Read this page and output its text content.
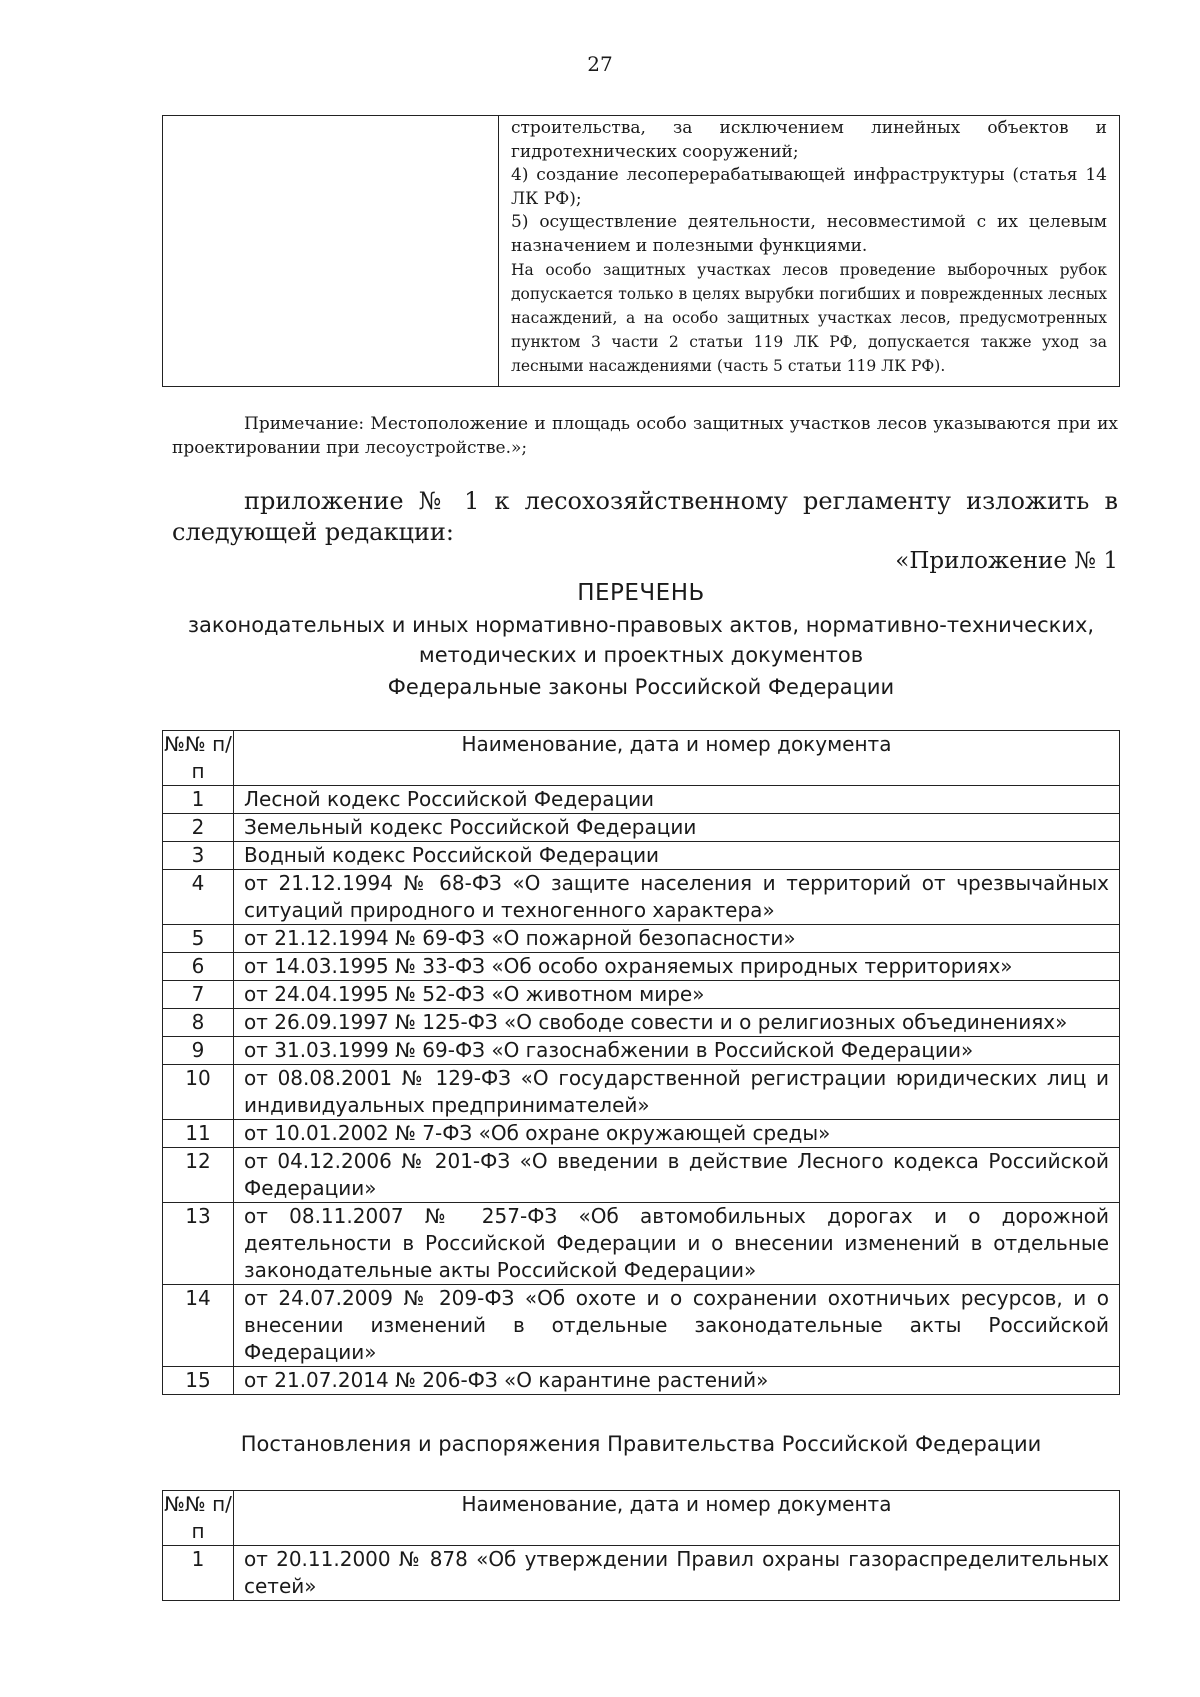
27

строительства, за исключением линейных объектов и гидротехнических сооружений;

4) создание лесоперерабатывающей инфраструктуры (статья 14 ЛК РФ);

5) осуществление деятельности, несовместимой с их целевым назначением и полезными функциями.

На особо защитных участках лесов проведение выборочных рубок допускается только в целях вырубки погибших и поврежденных лесных насаждений, а на особо защитных участках лесов, предусмотренных пунктом 3 части 2 статьи 119 ЛК РФ, допускается также уход за лесными насаждениями (часть 5 статьи 119 ЛК РФ).

Примечание: Местоположение и площадь особо защитных участков лесов указываются при их проектировании при лесоустройстве.»;
приложение № 1 к лесохозяйственному регламенту изложить в следующей редакции:
«Приложение № 1
ПЕРЕЧЕНЬ
законодательных и иных нормативно-правовых актов, нормативно-технических,
методических и проектных документов
Федеральные законы Российской Федерации
№№ п/п	Наименование, дата и номер документа
1	Лесной кодекс Российской Федерации
2	Земельный кодекс Российской Федерации
3	Водный кодекс Российской Федерации
4	от 21.12.1994 № 68-ФЗ «О защите населения и территорий от чрезвычайных ситуаций природного и техногенного характера»
5	от 21.12.1994 № 69-ФЗ «О пожарной безопасности»
6	от 14.03.1995 № 33-ФЗ «Об особо охраняемых природных территориях»
7	от 24.04.1995 № 52-ФЗ «О животном мире»
8	от 26.09.1997 № 125-ФЗ «О свободе совести и о религиозных объединениях»
9	от 31.03.1999 № 69-ФЗ «О газоснабжении в Российской Федерации»
10	от 08.08.2001 № 129-ФЗ «О государственной регистрации юридических лиц и индивидуальных предпринимателей»
11	от 10.01.2002 № 7-ФЗ «Об охране окружающей среды»
12	от 04.12.2006 № 201-ФЗ «О введении в действие Лесного кодекса Российской Федерации»
13	от 08.11.2007 № 257-ФЗ «Об автомобильных дорогах и о дорожной деятельности в Российской Федерации и о внесении изменений в отдельные законодательные акты Российской Федерации»
14	от 24.07.2009 № 209-ФЗ «Об охоте и о сохранении охотничьих ресурсов, и о внесении изменений в отдельные законодательные акты Российской Федерации»
15	от 21.07.2014 № 206-ФЗ «О карантине растений»
Постановления и распоряжения Правительства Российской Федерации
№№ п/п	Наименование, дата и номер документа
1	от 20.11.2000 № 878 «Об утверждении Правил охраны газораспределительных сетей»
